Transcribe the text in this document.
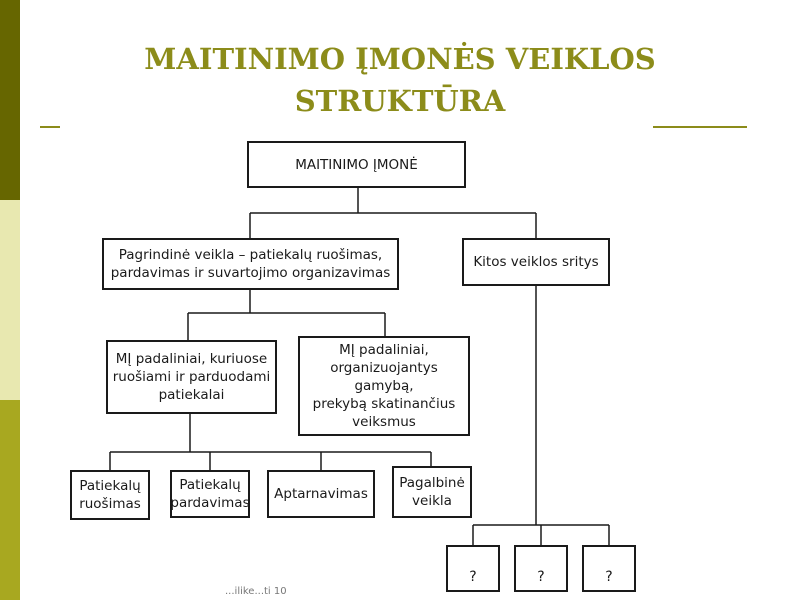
MAITINIMO ĮMONĖS VEIKLOS
STRUKTŪRA
MAITINIMO ĮMONĖ
Pagrindinė veikla – patiekalų ruošimas,
pardavimas ir suvartojimo organizavimas
Kitos veiklos sritys
MĮ padaliniai, kuriuose
ruošiami ir parduodami
patiekalai
MĮ padaliniai,
organizuojantys gamybą,
prekybą skatinančius
veiksmus
Patiekalų
ruošimas
Patiekalų
pardavimas
Aptarnavimas
Pagalbinė
veikla
?	?	?
...ilike...ti 10
